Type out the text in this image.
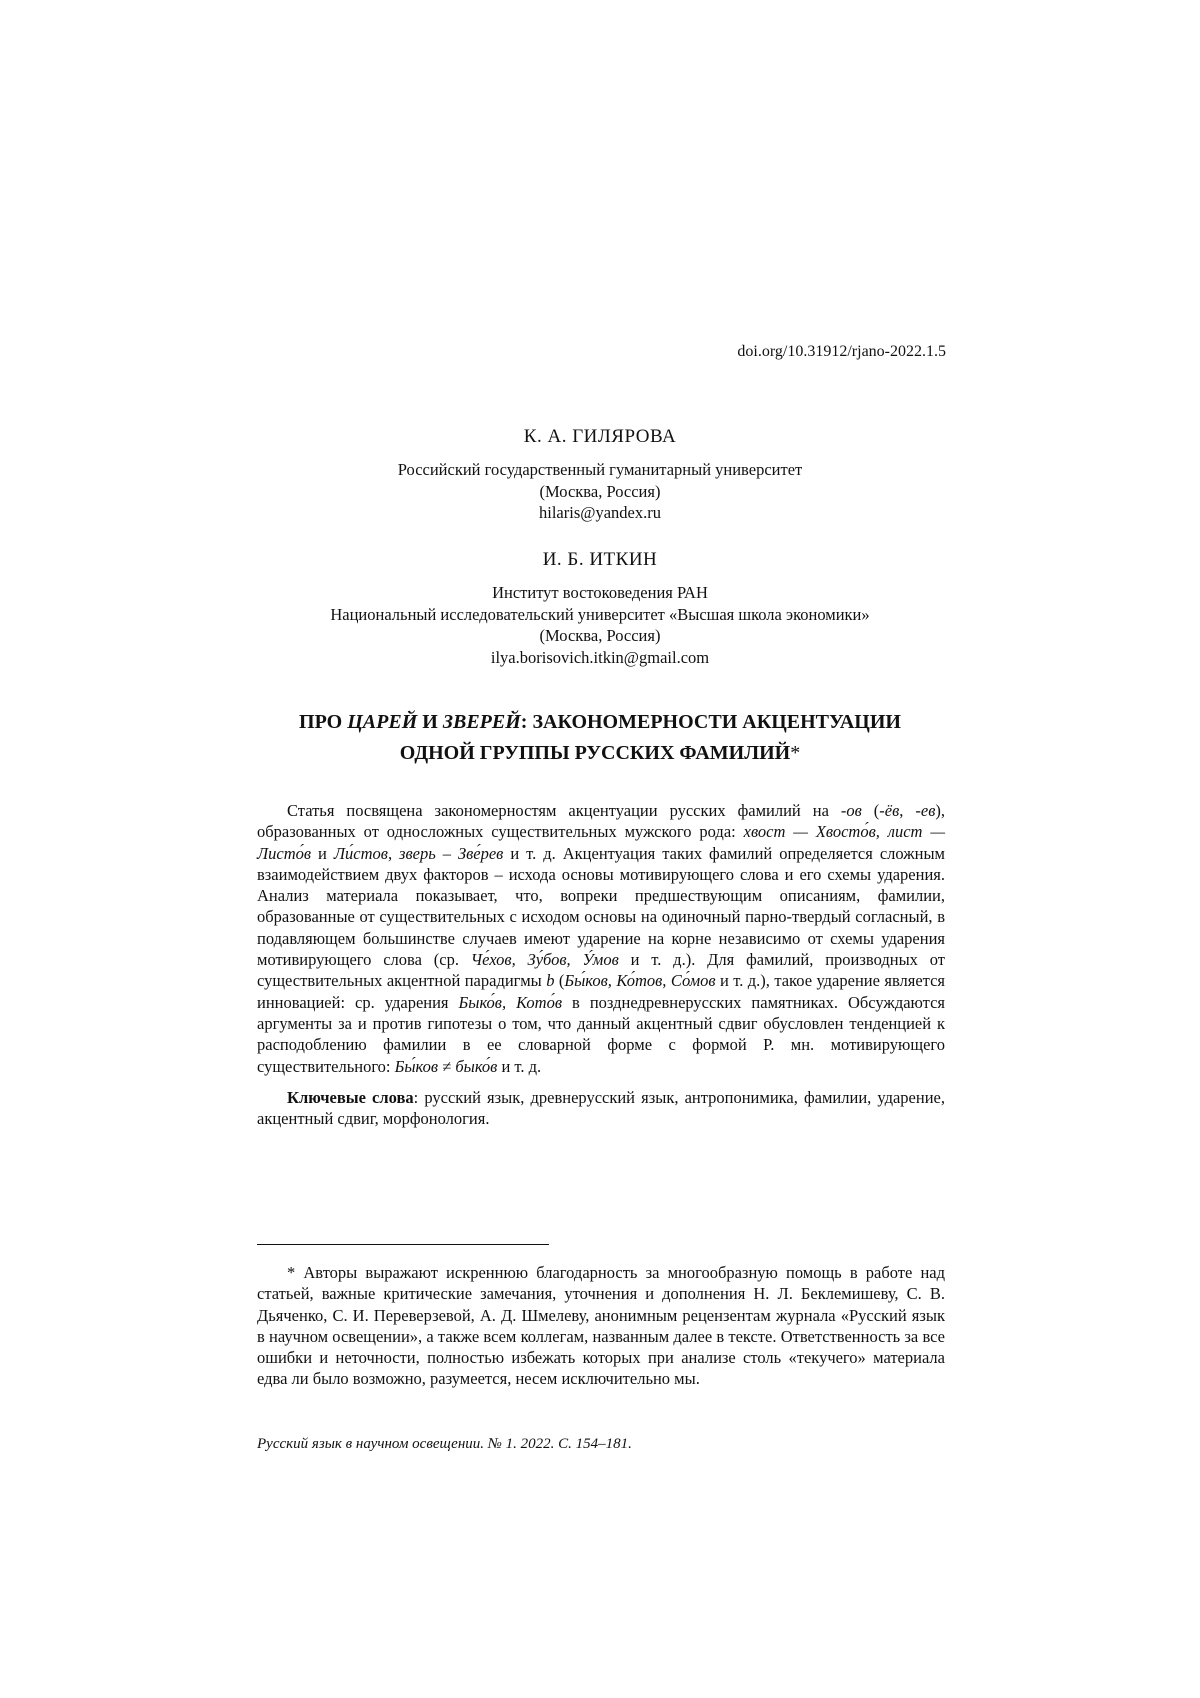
doi.org/10.31912/rjano-2022.1.5
К. А. ГИЛЯРОВА
Российский государственный гуманитарный университет
(Москва, Россия)
hilaris@yandex.ru
И. Б. ИТКИН
Институт востоковедения РАН
Национальный исследовательский университет «Высшая школа экономики»
(Москва, Россия)
ilya.borisovich.itkin@gmail.com
ПРО ЦАРЕЙ И ЗВЕРЕЙ: ЗАКОНОМЕРНОСТИ АКЦЕНТУАЦИИ
ОДНОЙ ГРУППЫ РУССКИХ ФАМИЛИЙ*

Статья посвящена закономерностям акцентуации русских фамилий на -ов (-ёв, -ев), образованных от односложных существительных мужского рода: хвост — Хвосто́в, лист — Листо́в и Ли́стов, зверь – Зве́рев и т. д. Акцентуация таких фамилий определяется сложным взаимодействием двух факторов – исхода основы мотивирующего слова и его схемы ударения. Анализ материала показывает, что, вопреки предшествующим описаниям, фамилии, образованные от существительных с исходом основы на одиночный парно-твердый согласный, в подавляющем большинстве случаев имеют ударение на корне независимо от схемы ударения мотивирующего слова (ср. Че́хов, Зу́бов, У́мов и т. д.). Для фамилий, производных от существительных акцентной парадигмы b (Бы́ков, Ко́тов, Со́мов и т. д.), такое ударение является инновацией: ср. ударения Быко́в, Кото́в в позднедревнерусских памятниках. Обсуждаются аргументы за и против гипотезы о том, что данный акцентный сдвиг обусловлен тенденцией к расподоблению фамилии в ее словарной форме с формой Р. мн. мотивирующего существительного: Бы́ков ≠ быко́в и т. д.

Ключевые слова: русский язык, древнерусский язык, антропонимика, фамилии, ударение, акцентный сдвиг, морфонология.

* Авторы выражают искреннюю благодарность за многообразную помощь в работе над статьей, важные критические замечания, уточнения и дополнения Н. Л. Беклемишеву, С. В. Дьяченко, С. И. Переверзевой, А. Д. Шмелеву, анонимным рецензентам журнала «Русский язык в научном освещении», а также всем коллегам, названным далее в тексте. Ответственность за все ошибки и неточности, полностью избежать которых при анализе столь «текучего» материала едва ли было возможно, разумеется, несем исключительно мы.

Русский язык в научном освещении. № 1. 2022. С. 154–181.
